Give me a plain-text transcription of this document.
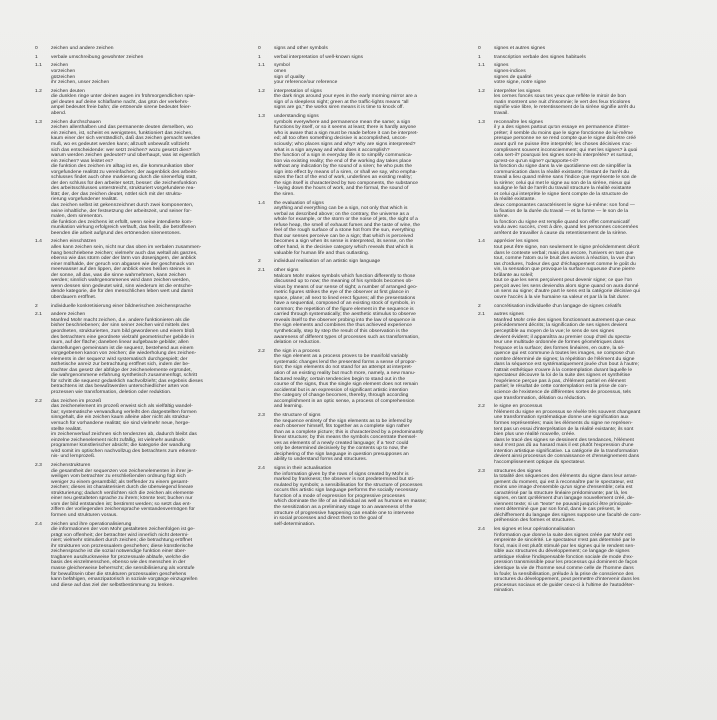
0	zeichen und andere zeichen
1	verbale umschreibung gewohnter zeichen
1.1	zeichen
vorzeichen
gützeichen
ihr zeichen, unser zeichen
1.2	zeichen deuten
die dunklen ringe unter deinen augen im frühmorgendlichen spie-
gel deuten auf deine schlaflarne nacht, das grün der verkehrs-
ampel bedeutet freie bahn; die ertönende sirene bedeutet feier-
abend.
1.3	zeichen durchschauen
zeichen allenthalben und das permanente deuten derselben, wo
ein zeichen, ist, scheint es wenigstens, funktioniert das zeichen,
kaum einer der sich verständlich, daß das zeichen gemacht werden
muß, wo es gedeutet werden kann; allzuoft unbewußt vollzieht
sich das entscheidende: wer setzt zeichen? wozu gesetzt dies?
warum werden zeichen gedeutet? und überhaupt, was ist eigentlich
ein zeichen? was leistet es?
die funktion des zeichen im alltag ist es, die kommunikation über
vorgefundene realität zu vereinfachen; der augenblick des arbeits-
schlusses findet auch ohne markierung durch die sirenerfolg statt,
der den schluss für den arbeiter setzt, besser: die zeichenfunktion
des arbeitsschlusses unterstreicht, strukturiert vorgefundene rea-
lität; der, der das zeichen deutet, nötlet sich mit der struktu-
rierung vorgefundener realität.
das zeichen selbst ist gekennzeichnet durch zwei komponenten,
seine inhaltliche, der festsetzung der arbeitszeit, und seiner for-
malen, dem sirenenton.
die funktion des zeichens ist erfüllt, wenn seine intendierte kom-
munikation wirkung erfolgreich verläuft, das heißt, die betroffenen
beenden die arbeit aufgrund des ertönenden sirenentones.
1.4	zeichen einschätzen
alles kann zeichen sein, nicht nur das oben im verbalen zusammen-
hang beschriebene zeichen; vielmehr auch das weltall als ganzes,
ebenso wie das stürm oder der lärm von düsenjägern, der anblick
einer mülhalde, der geruch von abgasen wie der geschmack von
meerwasser auf den lippen, der anblick eines heißen steines in
der sonne, all das, was die sinne wahrnehmen, kann zeichen
werden; sinnlich wahrgenommenes wird dann zeichen werden,
wenn dessen sinn gedeutet wird, sinn wiederum ist die entsche-
dende kategorie, die für den menschlichen leben wert und damit
überdauern eröffnet.
2	individuelle konkretisierung einer bildnerischen zeichensprache
2.1	andere zeichen
Manfred Mohr macht zeichen, d.e. andere funktionieren als die
bisher beschriebenen; der sinn seiner zeichen wird mittels des
geordneten, strukturierten, zum bild gewordenen und einem bloß
des betrachters eine geordnete vielzahl geometrischer gebilde in
raum, auf der fläche; daneben linear aufgebaute gebilde; allen
darstellungen gemeinsam ist die sequenz, bestehend aus einem
vorgegebenen kanon von zeichen; die wiederholung des zeichen-
elements in der sequenz wird systematisch durchgespielt; der
ästhetische anreiz zur betrachtung eröffnet sich, indem der be-
trachter das gesetz der abfolge der zeichenelemente ergründet,
die wahrgenommene erfahrung synthetisch zusammenfügt, schritt
für schritt die sequenz gedanklich nachvollzieht; das ergebnis dieses
betrachtens ist das bewußtwerden unterschiedlicher arten von
prozessen wie transformation, deletion oder reduktion.
2.2	das zeichen im prozeß
das zeichenelement im prozeß erweist sich als vielfältig wandel-
bar; systematische verwandlung verleiht den dargestellten formen
sinngehalt, die ein zeichen kaum alleine aber nicht als struktur-
versuch für vorhandene realität; sie sind vielmehr neue, herge-
stellte realität.
im zeichenverlauf zeichnen sich tendenzen ab, dadurch bleibt das
einzelne zeichenelement nicht zufällig, ist vielmehr ausdruck
programmer künstlerischer absicht; die kategorie der wandlung
wird somit im optischen nachvollzug des betrachters zum erkennt-
nis- und lernprozeß.
2.3	zeichenstrukturen
die gesamtheit der sequenzen von zeichenelementen in ihrer je-
weiligen vom betrachter zu erschließenden ordnung fügt sich
weniger zu einem gesamtbild; als treffender zu einem gesamt-
zeichen; dieses ist charakterisiert durch die überwiegend lineare
strukturierung; dadurch verdichten sich die zeichen als elemente
einer neu gestalteten sprache zu ihrem; könnte text; buchen nur
vom der bild entstanden ist; bestimmt werden; so setzt das ent-
ziffern der vorliegenden zeichensprache verstandesvermögen für
formen und strukturen voraus.
2.4	zeichen und ihre operationalisierung
die informationen der vom Mohr gestalteten zeichenfolgen ist ge-
prägt von offenheit; der betrachter wird innerlich nicht determi-
niert; vielmehr stimuliert durch zeichen; die betrachtung eröffnet
ihr strukturen von prozessualem geschehen; diese künstlerische
zeichensprache ist die sozial notwendige funktion einer über-
tragbaren ausdrucksweise für prozessuale abläufe, welche die
basis des einzelmenschen, ebenso wie des menschen in der
masse gleicherweise beherrscht; die sensibilisierung als vorstufe
für bewußtsein über die strukturen prozessualen geschehens
kann befähigen, emanzipatorisch in soziale vorgänge einzugreifen
und diese auf das ziel der selbstbestimmung zu lenken.
0	signs and other symbols
1	verbal interpretation of well-known signs
1.1	symbol
omen
sign of quality
your reference/our reference
1.2	interpretation of signs
the dark rings around your eyes in the early morning mirror are a
sign of a sleepless night; green at the traffic-lights means "all
signs are go," the works siren means it is time to knock off.
1.3	understanding signs
symbols everywhere and permanence mean the same; a sign
functions by itself, or so it seems at least; there is hardly anyone
who is aware that a sign must be made before it can be interpret-
ed; all too often something decisive is accomplished, uncon-
sciously; who places signs and why? why are signs interpreted?
what is a sign anyway and what does it accomplish?
the function of a sign in everyday life is to simplify communica-
tion via existing reality; the end of the working day takes place
without any indication by the sound of a siren; he who puts the
sign into effect by means of a siren, or shall we say, who empha-
sizes the fact of the end of work, underlines an existing reality;
the sign itself is characterized by two components, the substance
- laying down the hours of work, and the formal, the sound of
the siren.
1.4	the evaluation of signs
anything and everything can be a sign, not only that which is
verbal as described above; on the contrary, the universe as a
whole for example, or the storm or the noise of jets, the sight of a
refuse heap, the smell of exhaust fumes and the taste of wine, the
feel of the rough surface of a stone hot from the sun, everything
that our senses perceive can be a sign; that which is perceived
becomes a sign when its sense is interpreted, its sense, on the
other hand, is the decisive category which reveals that which is
valuable for human life and thus outlasting.
2	individual realisation of an artistic sign language
2.1	other signs
Malcom Mohr makes symbols which function differently to those
discussed up to now; the meaning of his symbols becomes ob-
vious by means of our sense of sight; a number of arranged geo-
metric figures strikes the eye of the observer at first glance in
space, plane; all next to lined erect figures; all the presentations
have a sequential, composed of an existing stock of symbols, in
common; the repetition of the figure element in the sequence is
carried through systematically; the aesthetic stimulus to observe
reveals itself to the observer probing into the law of sequence in
the sign elements and combines the thus achieved experience
synthetically, step by step the result of this observation is the
awareness of different types of processes such as transformation,
delation or reduction.
2.2	the sign in a process
the sign element as a process proves to be manifold variably
systematic changes lend the presented forms a sense of propor-
tion; the sign elements do not stand for an attempt at interpret-
ation of an existing reality but much more, namely, a new manu-
factured reality; certain tendencies begin to stand out in the
course of the signs, thus the single sign element does not remain
accidental but is an expression of significant artistic intention
the category of change becomes, thereby, through according
accomplishment in an optic sense, a process of comprehension
and learning.
2.3	the structure of signs
the sequence entirety of the sign elements as to be inferred by
each observer himself, fits together as a complete sign rather
than as a complete picture; this is characterized by a predominantly
linear structure; by this means the symbols concentrate themsel-
ves as elements of a newly created language; if a 'text' could
only be determined decisively by the contents up to now, the
deciphering of the sign language in question presupposes an
ability to understand forms and structures.
2.4	signs in their actualisation
the information given by the rows of signs created by Mohr is
marked by frankness; the observer is not predetermined but sti-
mulated by symbols; a sensibilisation for the structure of processes
occurs this artistic sign language performs the socially necessary
function of a mode of expression for progressive processes
which dominate the life of an individual as well as humans en masse;
the sensitization as a preliminary stage to an awareness of the
structure of progressive happening can enable one to intervene
in social processes and direct them to the goal of
self-determination.
0	signes et autres signes
1	transcription verbale des signes habituels
1.1	signes
signes-indices
signes de qualité
votre signe, notre signe
1.2	interpréter les signes
les cernes foncés sous tes yeux que reflète le miroir de bon
matin montrent une nuit d'insomnie; le vert des feux tricolores
signifie voie libre, le retentissement de la sirène signifie arrêt du
travail.
1.3	reconnaître les signes
il y a des signes partout qu'on essaye en permanence d'inter-
préter; il semble du moins que le signe fonctionne de lui-même
presque personne ne se rend compte que le signe doit être créé
avant qu'il ne puisse être interprété; les choses décisives s'ac-
complissent souvent inconsciemment; qui met les signes? à quoi
cela sert-il? pourquoi les signes sont-ils interprétés? et surtout,
qu'est-ce qu'un signe? qu'apporte-t-il?
la fonction du signe dans la vie quotidienne est de simplifier la
communication dans la réalité existante; l'instant de l'arrêt du
travail a lieu quand même sans l'indice que représente le son de
la sirène; celui qui met le signe au son de la sirène, mieux qui
souligne le fait de l'arrêt du travail structure la réalité existante
et celui qui interprète le signe tient compte de la structure de
la réalité existante.
deux composantes caractérisent le signe lui-même: son fond —
la fixation de la durée du travail — et la forme — le son de la
sirène.
la fonction du signe est remplie quand son effet communicatif
voulu avec succès, c'est à dire, quand les personnes concernées
arrêtent de travailler à cause du retentissement de la sirène.
1.4	apprécier les signes
tout peut être signe, non seulement le signe précédemment décrit
dans le contexte verbal; mais plus encore, l'univers en tant que
tout, comme l'atom ou le bruit des avions à réaction, la vue d'un
tas d'ordures, l'odeur des gaz d'échappement comme le goût du
vin, la sensation que provoque la surface rugueuse d'une pierre
brûlante au soleil;
tout ce que les sens perçoivent peut devenir signe; ce que l'on
perçoit avec les sens deviendra alors signe quand on aura donné
un sens au signe; d'autre part le sens est la catégorie décisive qui
ouvre l'accès à la vie humaine sa valeur et par là la fait durer.
2	concrétisation individuelle d'un langage de signes créatifs
2.1	autres signes
Manfred Mohr crée des signes fonctionnant autrement que ceux
précédemment décrits; la signification de ses signes devient
perceptible au moyen de la vue; le sens de ses signes
devient évident; il apparaîtra au premier coup d'œil du specta-
teur une multitude ordonnée de formes géométriques dans
l'espace et la surface; des formes linéaires, en outre, la sé-
quence qui est commune à toutes les images, se compose d'un
nombre déterminé de signes; la répétition de l'élément du signe
dans la séquence est systématiquement jouée d'un bout à l'autre;
l'attrait esthétique s'ouvre à la contemplation durant laquelle le
spectateur découvre la loi de la suite des signes et synthétise
l'expérience perçue pas à pas, d'élément partiel en élément
partiel; le résultat de cette contemplation est la prise de con-
science de l'existence de différentes sortes de processus, tels
que transformation, délation ou réduction.
2.2	le signe en processus
l'élément du signe en processus se révèle très souvent changeant
une transformation systématique donne une signification aux
formes représentées; mais les éléments du signe ne représen-
tent pas un essai d'interprétation de la réalité existante; ils sont
bien plus une réalité nouvelle, créée.
dans le tracé des signes se dessinent des tendances, l'élément
seul n'est pas dû au hasard mais il est plutôt l'expression d'une
intention artistique significative. La catégorie de la transformation
devient ainsi processus de connaissance et d'enseignement dans
l'accomplissement optique du spectateur.
2.3	structures des signes
la totalité des séquences des éléments du signe dans leur arran-
gement du moment, qui est à reconnaître par le spectateur, est
moins une image d'ensemble qu'un signe d'ensemble; cela est
caractérisé par la structure linéaire prédominante; par là, les
signes, en tant qu'élément d'un langage nouvellement créé, de-
viennent texte; si un "texte" ne pouvait jusqu'ici être principale-
ment déterminé que par son fond, dans le cas présent, le
déchiffrement du langage des signes suppose une faculté de com-
préhension des formes et structures.
2.4	les signes et leur opérationnalisation
l'information que donne la suite des signes créée par Mohr est
empreinte de sincérité. Le spectateur n'est pas déterminé par le
fond, mais il est plutôt stimulé par les signes qui le rendent sen-
sible aux structures du développement; ce langage de signes
artistique réalise l'indispensable fonction sociale de mode d'ex-
pression transmissible pour les processus qui dominent de façon
identique la vie de l'homme seul comme celle de l'homme dans
la foule; la sensibilisation, prélude à la prise de conscience des
structures du développement, peut permettre d'intervenir dans les
processus sociaux et de guider ceux-ci à l'ultime de l'autodéter-
mination.
